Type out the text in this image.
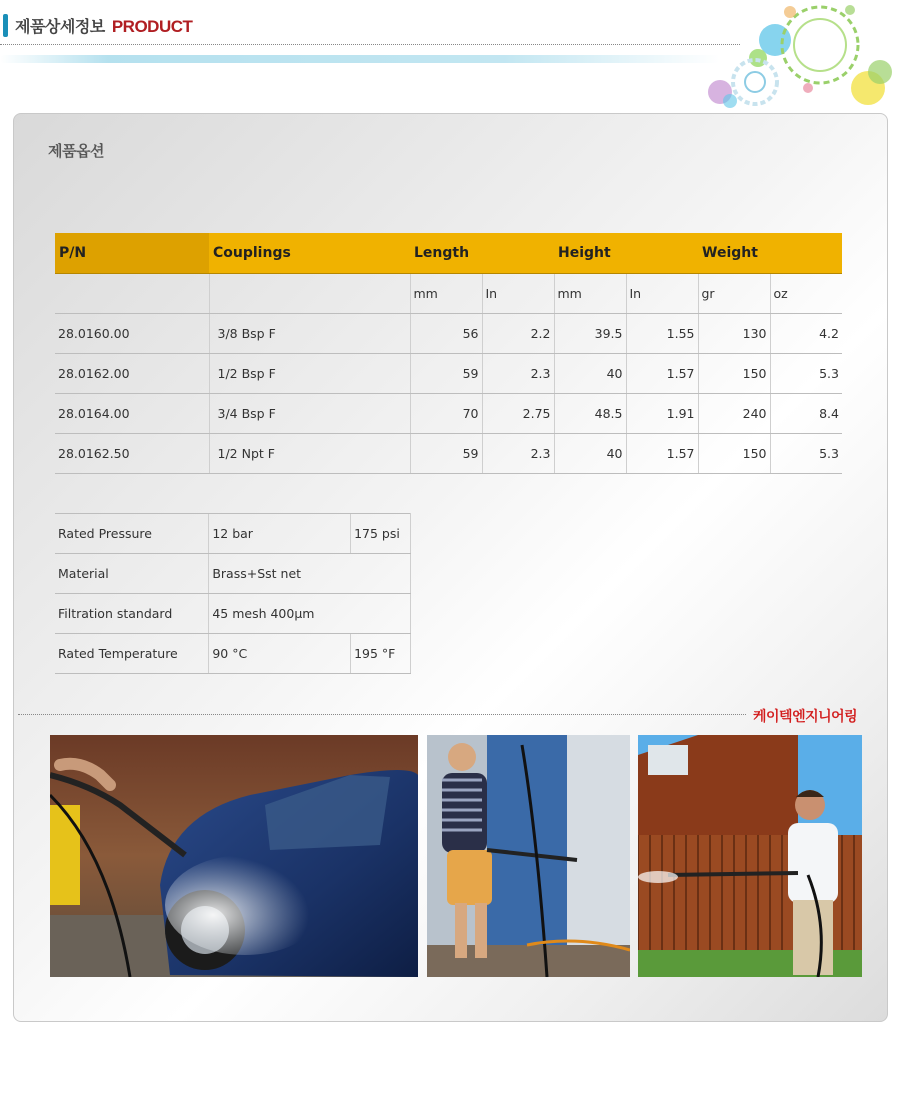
제품상세정보 PRODUCT
제품옵션
P/N	Couplings	Length		Height		Weight	
		mm	In	mm	In	gr	oz
28.0160.00	3/8 Bsp F	56	2.2	39.5	1.55	130	4.2
28.0162.00	1/2 Bsp F	59	2.3	40	1.57	150	5.3
28.0164.00	3/4 Bsp F	70	2.75	48.5	1.91	240	8.4
28.0162.50	1/2 Npt F	59	2.3	40	1.57	150	5.3
Rated Pressure	12 bar	175 psi
Material	Brass+Sst net	
Filtration standard	45 mesh 400μm	
Rated Temperature	90 °C	195 °F
케이텍엔지니어링
